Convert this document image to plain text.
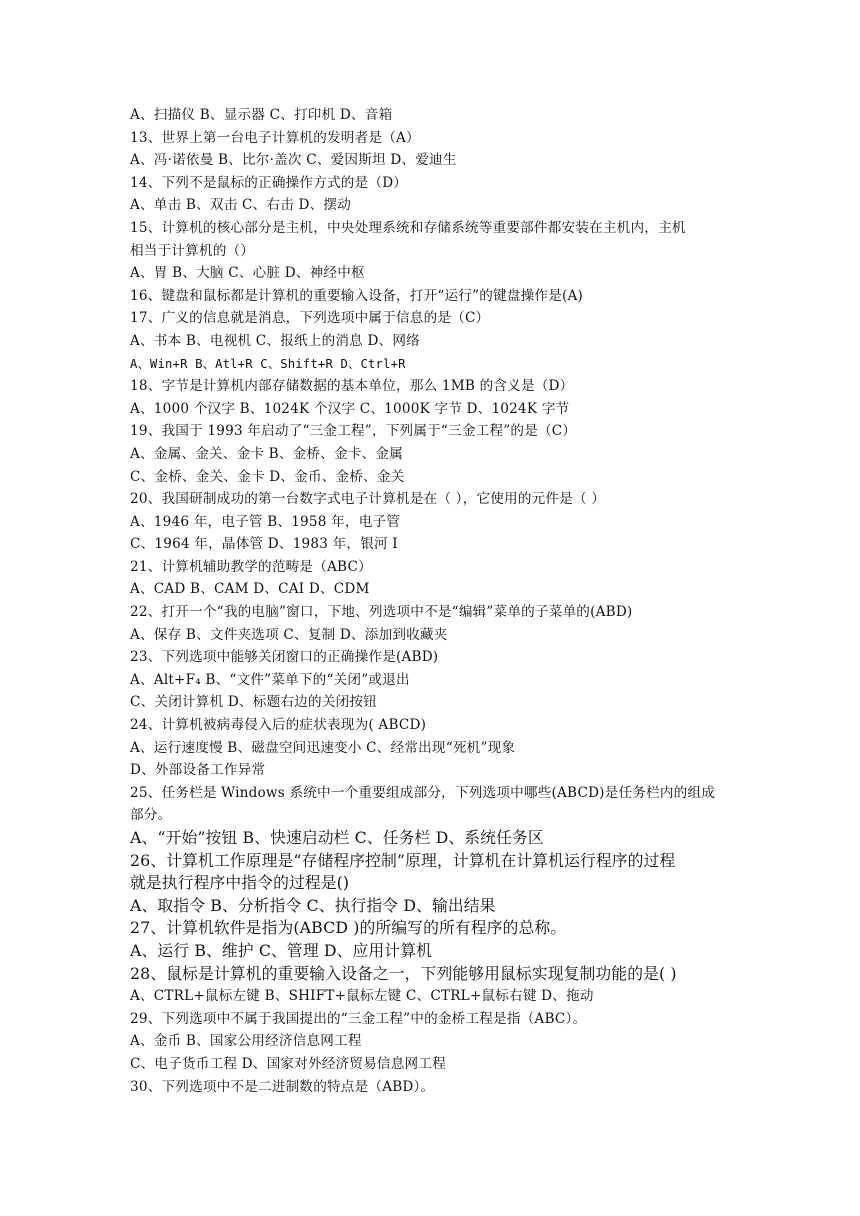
A、扫描仪 B、显示器 C、打印机 D、音箱
13、世界上第一台电子计算机的发明者是（A）
A、冯·诺依曼 B、比尔·盖次 C、爱因斯坦 D、爱迪生
14、下列不是鼠标的正确操作方式的是（D）
A、单击 B、双击 C、右击 D、摆动
15、计算机的核心部分是主机，中央处理系统和存储系统等重要部件都安装在主机内，主机
相当于计算机的（）
A、胃 B、大脑 C、心脏 D、神经中枢
16、键盘和鼠标都是计算机的重要输入设备，打开“运行”的键盘操作是(A)
17、广义的信息就是消息，下列选项中属于信息的是（C）
A、书本 B、电视机 C、报纸上的消息 D、网络
A、Win+R B、Atl+R C、Shift+R D、Ctrl+R
18、字节是计算机内部存储数据的基本单位，那么 1MB 的含义是（D）
A、1000 个汉字 B、1024K 个汉字 C、1000K 字节 D、1024K 字节
19、我国于 1993 年启动了“三金工程”，下列属于“三金工程”的是（C）
A、金属、金关、金卡 B、金桥、金卡、金属
C、金桥、金关、金卡 D、金币、金桥、金关
20、我国研制成功的第一台数字式电子计算机是在（ ），它使用的元件是（ ）
A、1946 年，电子管 B、1958 年，电子管
C、1964 年，晶体管 D、1983 年，银河 I
21、计算机辅助教学的范畴是（ABC）
A、CAD B、CAM D、CAI D、CDM
22、打开一个“我的电脑”窗口，下地、列选项中不是“编辑”菜单的子菜单的(ABD)
A、保存 B、文件夹选项 C、复制 D、添加到收藏夹
23、下列选项中能够关闭窗口的正确操作是(ABD)
A、Alt+F₄ B、“文件”菜单下的“关闭”或退出
C、关闭计算机 D、标题右边的关闭按钮
24、计算机被病毒侵入后的症状表现为( ABCD)
A、运行速度慢 B、磁盘空间迅速变小 C、经常出现“死机”现象
D、外部设备工作异常
25、任务栏是 Windows 系统中一个重要组成部分，下列选项中哪些(ABCD)是任务栏内的组成
部分。
A、“开始”按钮 B、快速启动栏 C、任务栏 D、系统任务区
26、计算机工作原理是“存储程序控制”原理，计算机在计算机运行程序的过程
就是执行程序中指令的过程是()
A、取指令 B、分析指令 C、执行指令 D、输出结果
27、计算机软件是指为(ABCD )的所编写的所有程序的总称。
A、运行 B、维护 C、管理 D、应用计算机
28、鼠标是计算机的重要输入设备之一，下列能够用鼠标实现复制功能的是( )
A、CTRL+鼠标左键 B、SHIFT+鼠标左键 C、CTRL+鼠标右键 D、拖动
29、下列选项中不属于我国提出的“三金工程”中的金桥工程是指（ABC）。
A、金币 B、国家公用经济信息网工程
C、电子货币工程 D、国家对外经济贸易信息网工程
30、下列选项中不是二进制数的特点是（ABD）。
